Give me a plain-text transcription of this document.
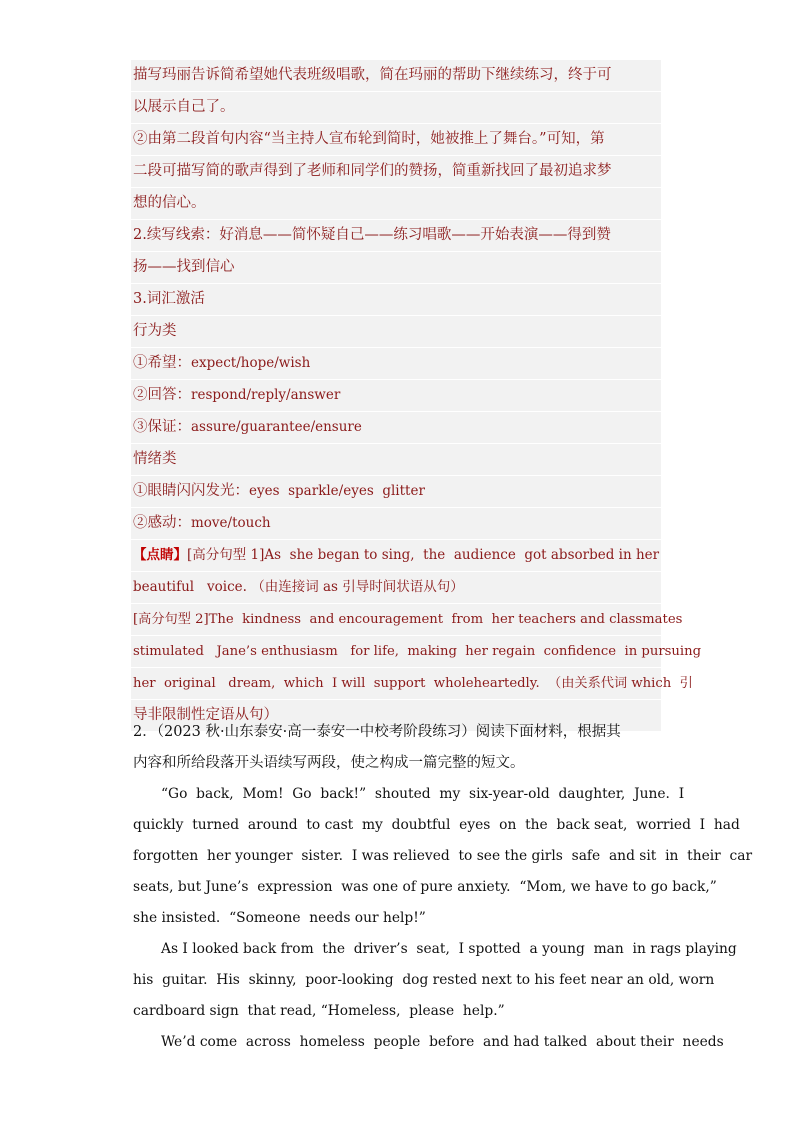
描写玛丽告诉简希望她代表班级唱歌，简在玛丽的帮助下继续练习，终于可
以展示自己了。
②由第二段首句内容“当主持人宣布轮到简时，她被推上了舞台。”可知，第
二段可描写简的歌声得到了老师和同学们的赞扬，简重新找回了最初追求梦
想的信心。
2.续写线索：好消息——简怀疑自己——练习唱歌——开始表演——得到赞
扬——找到信心
3.词汇激活
行为类
①希望：expect/hope/wish
②回答：respond/reply/answer
③保证：assure/guarantee/ensure
情绪类
①眼睛闪闪发光：eyes  sparkle/eyes  glitter
②感动：move/touch
【点睛】[高分句型 1]As  she began to sing,  the  audience  got absorbed in her
beautiful   voice. （由连接词 as 引导时间状语从句）
[高分句型 2]The  kindness  and encouragement  from  her teachers and classmates
stimulated   Jane’s enthusiasm   for life,  making  her regain  confidence  in pursuing
her  original   dream,  which  I will  support  wholeheartedly.  （由关系代词 which  引
导非限制性定语从句）
2．（2023 秋·山东泰安·高一泰安一中校考阶段练习）阅读下面材料，根据其
内容和所给段落开头语续写两段，使之构成一篇完整的短文。
“Go  back,  Mom!  Go  back!”  shouted  my  six-year-old  daughter,  June.  I
quickly  turned  around  to cast  my  doubtful  eyes  on  the  back seat,  worried  I  had
forgotten  her younger  sister.  I was relieved  to see the girls  safe  and sit  in  their  car
seats, but June’s  expression  was one of pure anxiety.  “Mom, we have to go back,”
she insisted.  “Someone  needs our help!”
As I looked back from  the  driver’s  seat,  I spotted  a young  man  in rags playing
his  guitar.  His  skinny,  poor-looking  dog rested next to his feet near an old, worn
cardboard sign  that read, “Homeless,  please  help.”
We’d come  across  homeless  people  before  and had talked  about their  needs
